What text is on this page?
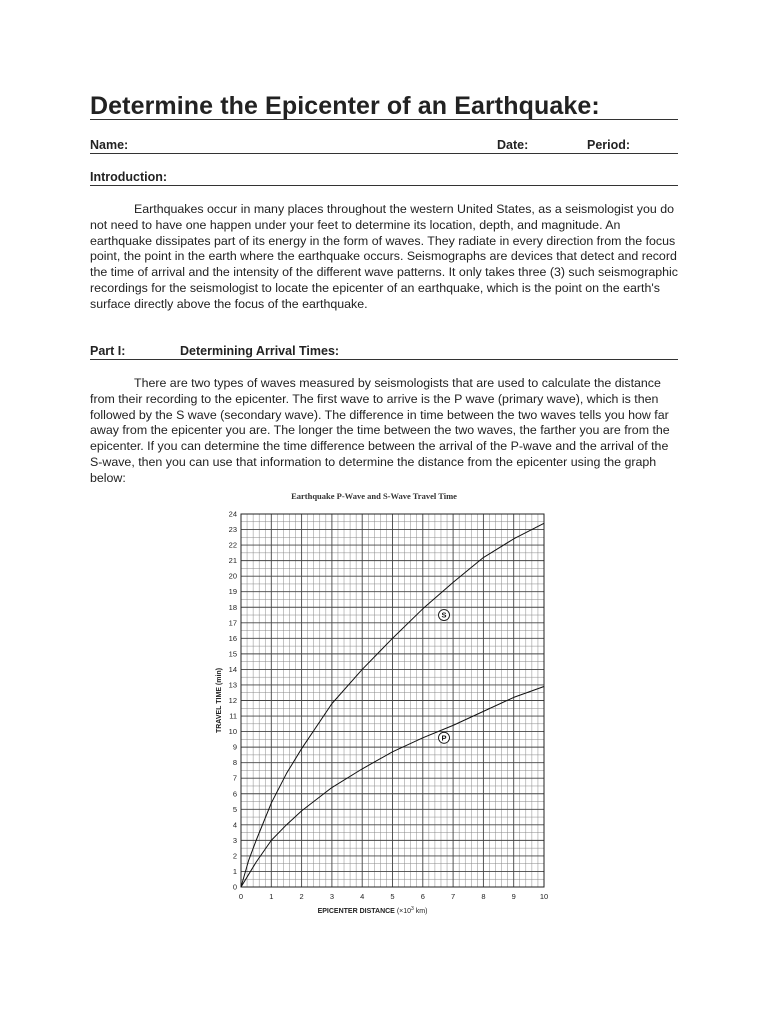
Determine the Epicenter of an Earthquake:
Name:	Date:	Period:
Introduction:

Earthquakes occur in many places throughout the western United States, as a seismologist you do not need to have one happen under your feet to determine its location, depth, and magnitude. An earthquake dissipates part of its energy in the form of waves. They radiate in every direction from the focus point, the point in the earth where the earthquake occurs. Seismographs are devices that detect and record the time of arrival and the intensity of the different wave patterns. It only takes three (3) such seismographic recordings for the seismologist to locate the epicenter of an earthquake, which is the point on the earth's surface directly above the focus of the earthquake.

Part I:	Determining Arrival Times:

There are two types of waves measured by seismologists that are used to calculate the distance from their recording to the epicenter. The first wave to arrive is the P wave (primary wave), which is then followed by the S wave (secondary wave). The difference in time between the two waves tells you how far away from the epicenter you are. The longer the time between the two waves, the farther you are from the epicenter. If you can determine the time difference between the arrival of the P-wave and the arrival of the S-wave, then you can use that information to determine the distance from the epicenter using the graph below:

Earthquake P-Wave and S-Wave Travel Time
0
1
2
3
4
5
6
7
8
9
10
11
12
13
14
15
16
17
18
19
20
21
22
23
24
0	1	2	3	4	5	6	7	8	9	10
TRAVEL TIME (min)
EPICENTER DISTANCE ($\times 10^3$ km)
S
P
